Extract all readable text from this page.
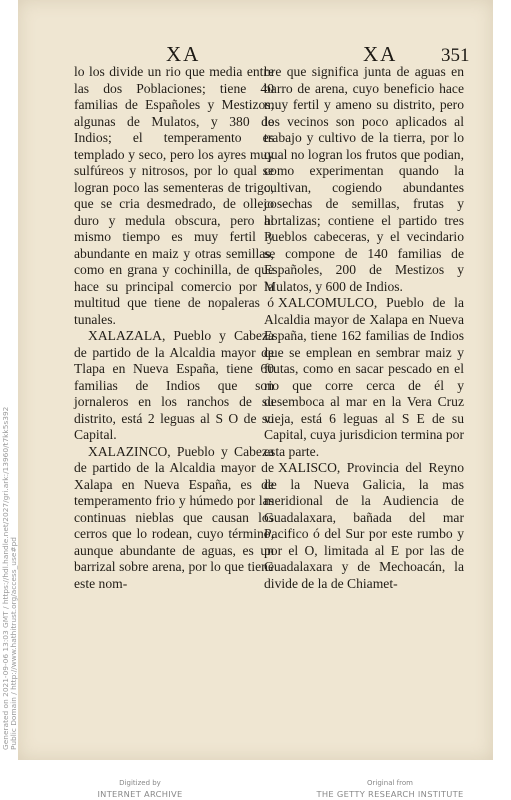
XA	XA 351

lo los divide un rio que media entre las dos Poblaciones; tiene 40 familias de Españoles y Mestizos, algunas de Mulatos, y 380 de Indios; el temperamento es templado y seco, pero los ayres muy sulfúreos y nitrosos, por lo qual se logran poco las sementeras de trigo, que se cria desmedrado, de ollejo duro y medula obscura, pero al mismo tiempo es muy fertil y abundante en maiz y otras semillas, como en grana y cochinilla, de que hace su principal comercio por la multitud que tiene de nopaleras ó tunales.

XALAZALA, Pueblo y Cabeza de partido de la Alcaldia mayor de Tlapa en Nueva España, tiene 60 familias de Indios que son jornaleros en los ranchos de su distrito, está 2 leguas al S O de su Capital.

XALAZINCO, Pueblo y Cabeza de partido de la Alcaldia mayor de Xalapa en Nueva España, es de temperamento frio y húmedo por las continuas nieblas que causan los cerros que lo rodean, cuyo término, aunque abundante de aguas, es un barrizal sobre arena, por lo que tiene este nom-

bre que significa junta de aguas en barro de arena, cuyo beneficio hace muy fertil y ameno su distrito, pero los vecinos son poco aplicados al trabajo y cultivo de la tierra, por lo qual no logran los frutos que podian, como experimentan quando la cultivan, cogiendo abundantes cosechas de semillas, frutas y hortalizas; contiene el partido tres Pueblos cabeceras, y el vecindario se compone de 140 familias de Españoles, 200 de Mestizos y Mulatos, y 600 de Indios.

XALCOMULCO, Pueblo de la Alcaldia mayor de Xalapa en Nueva España, tiene 162 familias de Indios que se emplean en sembrar maiz y frutas, como en sacar pescado en el rio que corre cerca de él y desemboca al mar en la Vera Cruz vieja, está 6 leguas al S E de su Capital, cuya jurisdicion termina por esta parte.

XALISCO, Provincia del Reyno de la Nueva Galicia, la mas meridional de la Audiencia de Guadalaxara, bañada del mar Pacifico ó del Sur por este rumbo y por el O, limitada al E por las de Guadalaxara y de Mechoacán, la divide de la de Chiamet-

Generated on 2021-09-06 13:03 GMT / https://hdl.handle.net/2027/gri.ark:/13960/t7kk5s392
Public Domain / http://www.hathitrust.org/access_use#pd
Digitized by
INTERNET ARCHIVE
Original from
THE GETTY RESEARCH INSTITUTE
